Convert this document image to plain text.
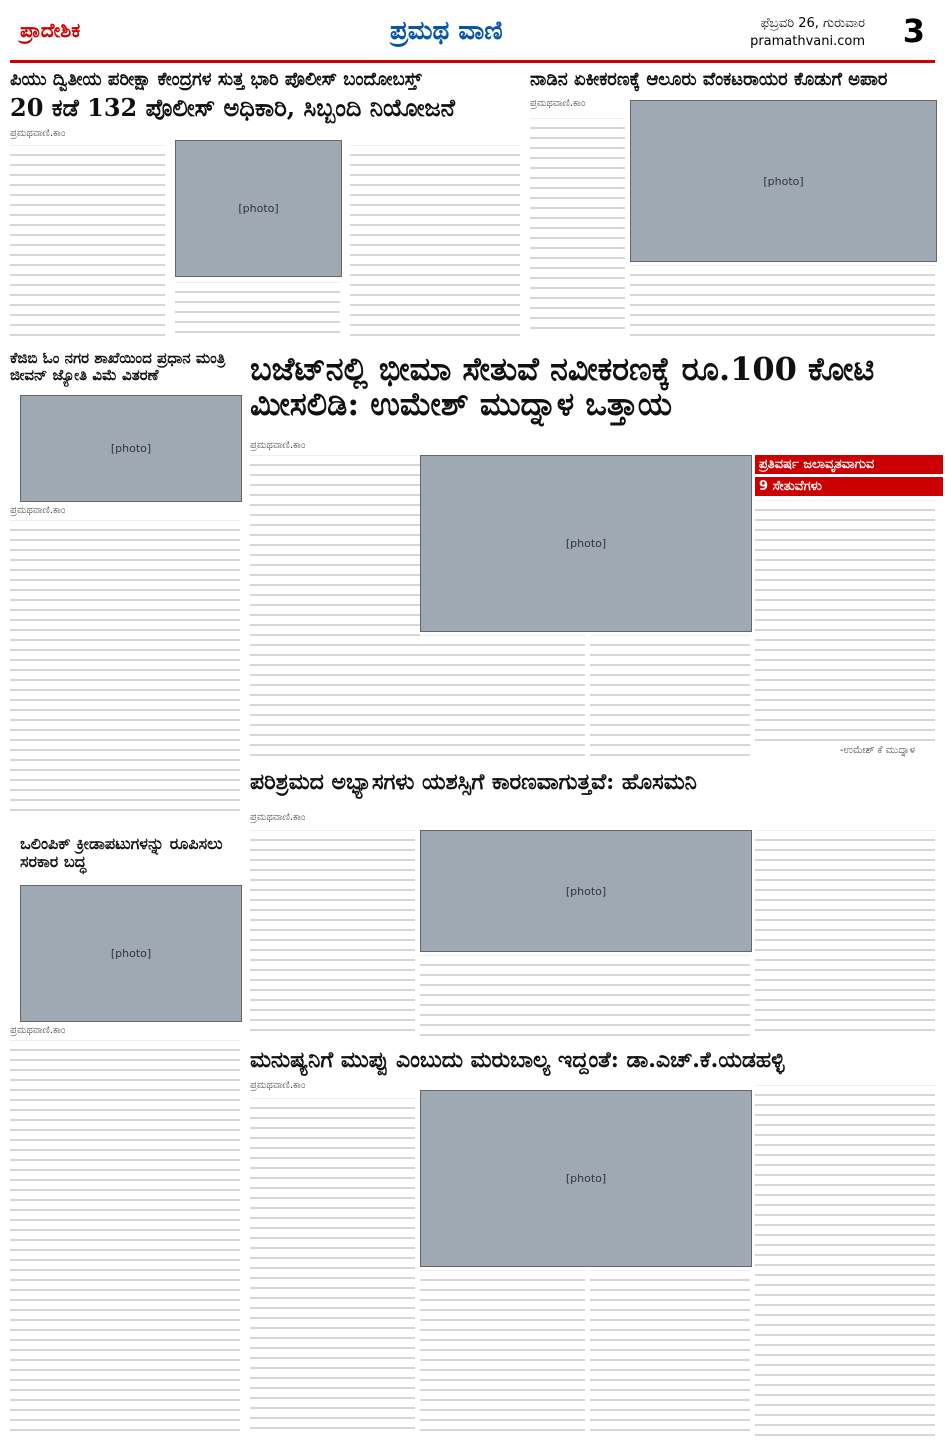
ಪ್ರಾದೇಶಿಕ	ಪ್ರಮಥ ವಾಣಿ	ಫೆಬ್ರವರಿ 26, ಗುರುವಾರ
pramathvani.com 3
ಪಿಯು ದ್ವಿತೀಯ ಪರೀಕ್ಷಾ ಕೇಂದ್ರಗಳ ಸುತ್ತ ಭಾರಿ ಪೊಲೀಸ್ ಬಂದೋಬಸ್ತ್
20 ಕಡೆ 132 ಪೊಲೀಸ್ ಅಧಿಕಾರಿ, ಸಿಬ್ಬಂದಿ ನಿಯೋಜನೆ
ಪ್ರಮಥವಾಣಿ.ಕಾಂ
[photo]
ನಾಡಿನ ಏಕೀಕರಣಕ್ಕೆ ಆಲೂರು ವೆಂಕಟರಾಯರ ಕೊಡುಗೆ ಅಪಾರ
ಪ್ರಮಥವಾಣಿ.ಕಾಂ
[photo]
ಕೆಜಿಬಿ ಓಂ ನಗರ ಶಾಖೆಯಿಂದ ಪ್ರಧಾನ ಮಂತ್ರಿ ಜೀವನ್ ಜ್ಯೋತಿ ವಿಮೆ ವಿತರಣೆ
[photo]
ಪ್ರಮಥವಾಣಿ.ಕಾಂ
ಬಜೆಟ್‌ನಲ್ಲಿ ಭೀಮಾ ಸೇತುವೆ ನವೀಕರಣಕ್ಕೆ ರೂ.100 ಕೋಟಿ ಮೀಸಲಿಡಿ: ಉಮೇಶ್ ಮುದ್ನಾಳ ಒತ್ತಾಯ
ಪ್ರಮಥವಾಣಿ.ಕಾಂ
[photo]
ಪ್ರತಿವರ್ಷ ಜಲಾವೃತವಾಗುವ
9 ಸೇತುವೆಗಳು
-ಉಮೇಶ್ ಕೆ ಮುದ್ನಾಳ
ಪರಿಶ್ರಮದ ಅಭ್ಯಾಸಗಳು ಯಶಸ್ಸಿಗೆ ಕಾರಣವಾಗುತ್ತವೆ: ಹೊಸಮನಿ
ಪ್ರಮಥವಾಣಿ.ಕಾಂ
[photo]
ಒಲಿಂಪಿಕ್ ಕ್ರೀಡಾಪಟುಗಳನ್ನು ರೂಪಿಸಲು ಸರಕಾರ ಬದ್ಧ
[photo]
ಪ್ರಮಥವಾಣಿ.ಕಾಂ
ಮನುಷ್ಯನಿಗೆ ಮುಪ್ಪು ಎಂಬುದು ಮರುಬಾಲ್ಯ ಇದ್ದಂತೆ: ಡಾ.ಎಚ್.ಕೆ.ಯಡಹಳ್ಳಿ
ಪ್ರಮಥವಾಣಿ.ಕಾಂ
[photo]
